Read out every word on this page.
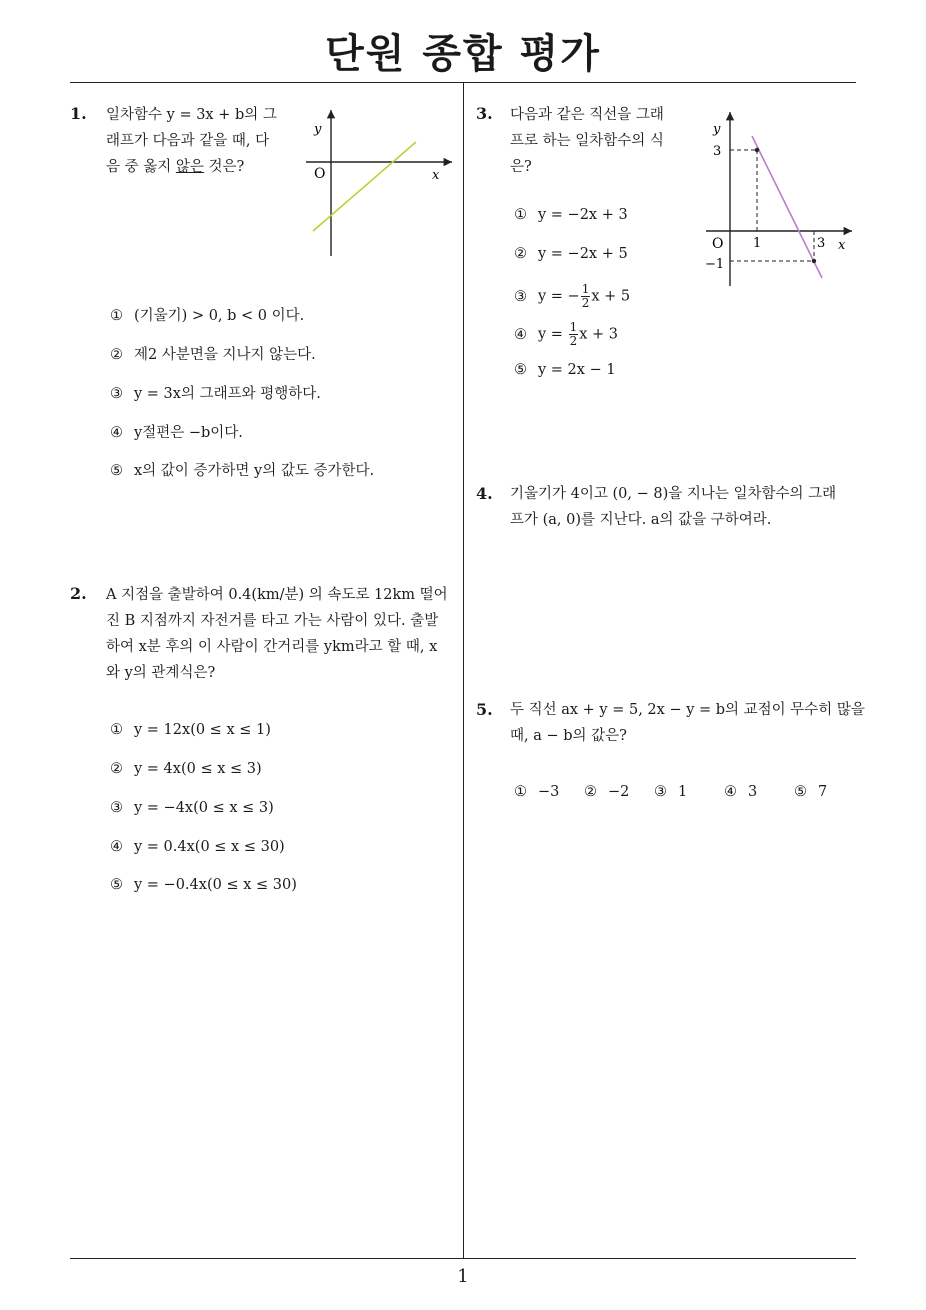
단원 종합 평가
1
1. 일차함수 y = 3x + b의 그
래프가 다음과 같을 때, 다
음 중 옳지 않은 것은?
y
x
O
① (기울기) > 0, b < 0 이다.
② 제2 사분면을 지나지 않는다.
③ y = 3x의 그래프와 평행하다.
④ y절편은 −b이다.
⑤ x의 값이 증가하면 y의 값도 증가한다.
2. A 지점을 출발하여 0.4(km/분) 의 속도로 12km 떨어
진 B 지점까지 자전거를 타고 가는 사람이 있다. 출발
하여 x분 후의 이 사람이 간거리를 ykm라고 할 때, x
와 y의 관계식은?
① y = 12x(0 ≤ x ≤ 1)
② y = 4x(0 ≤ x ≤ 3)
③ y = −4x(0 ≤ x ≤ 3)
④ y = 0.4x(0 ≤ x ≤ 30)
⑤ y = −0.4x(0 ≤ x ≤ 30)
3. 다음과 같은 직선을 그래
프로 하는 일차함수의 식
은?
y
x
O
3
−1
1	3
① y = −2x + 3
② y = −2x + 5
③ y = − $\frac{1}{2}$ x + 5
④ $y = \frac{1}{2}$ x + 3
⑤ y = 2x − 1
4. 기울기가 4이고 (0, − 8)을 지나는 일차함수의 그래
프가 (a, 0)를 지난다. a의 값을 구하여라.
5. 두 직선 ax + y = 5, 2x − y = b의 교점이 무수히 많을
때, a − b의 값은?
① −3 ② −2 ③ 1	④ 3	⑤ 7
